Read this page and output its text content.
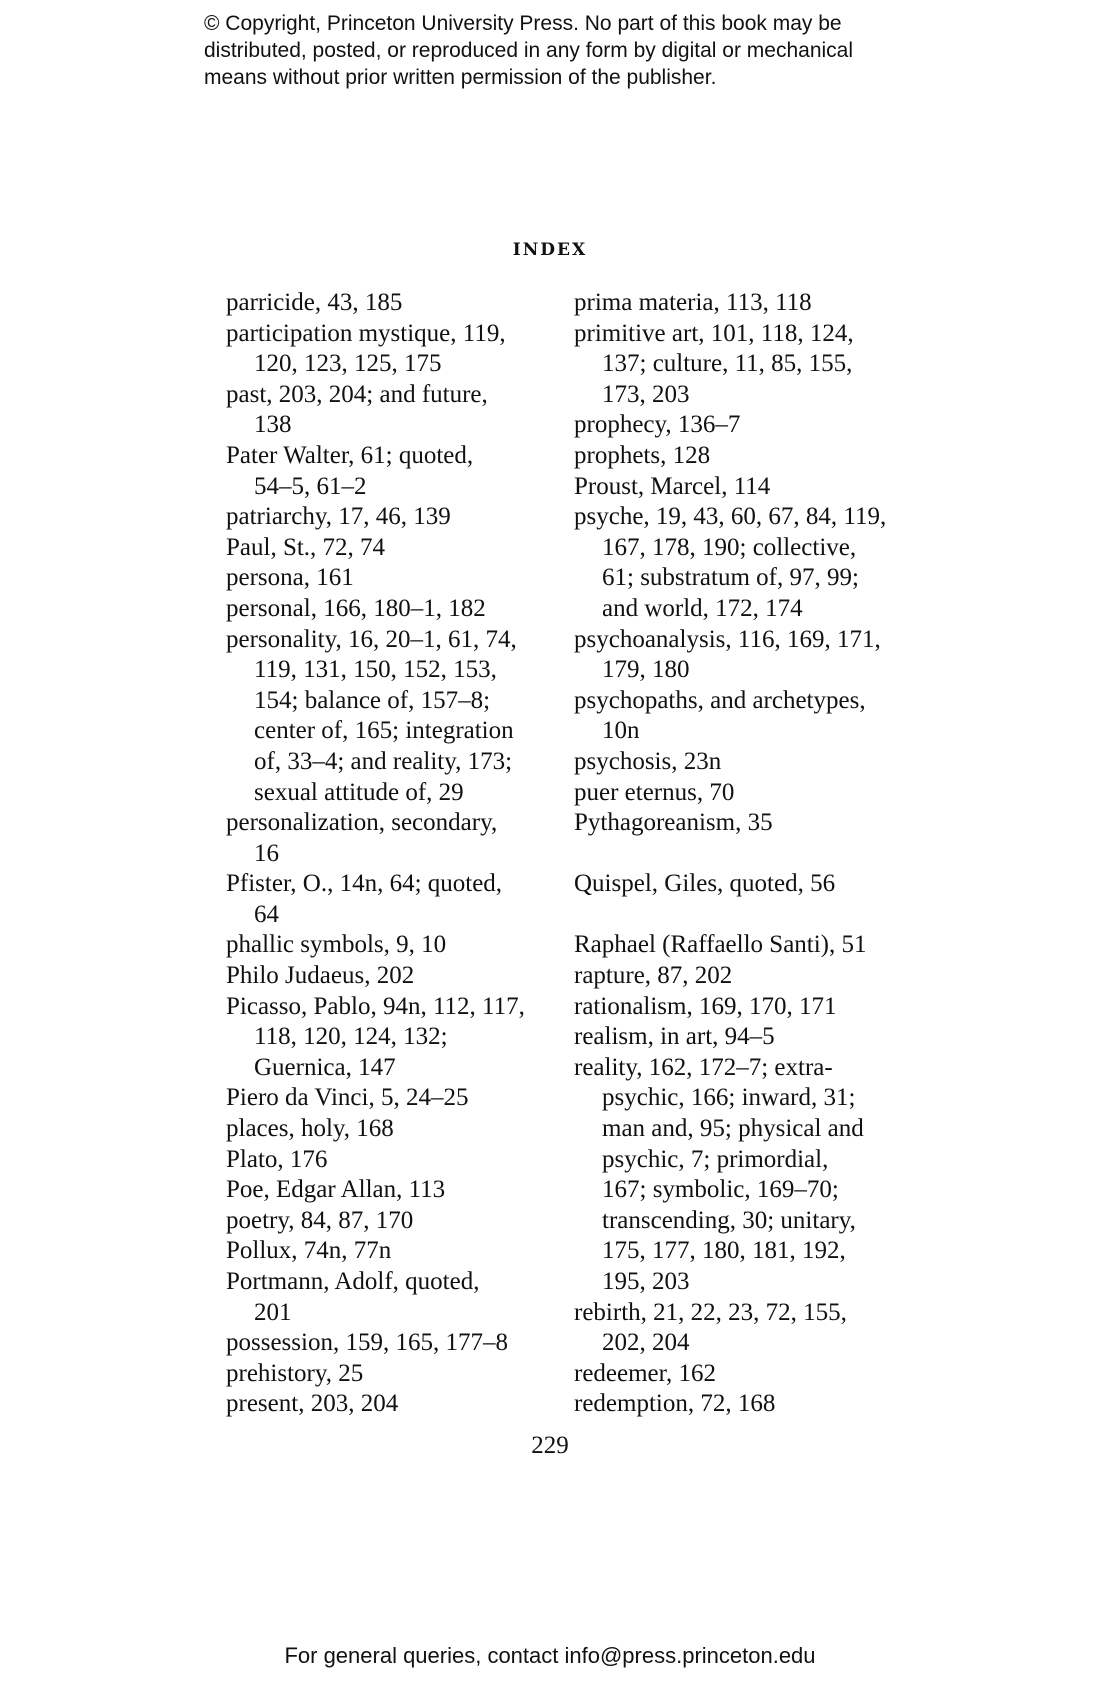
© Copyright, Princeton University Press. No part of this book may be
distributed, posted, or reproduced in any form by digital or mechanical
means without prior written permission of the publisher.
INDEX
parricide, 43, 185
participation mystique, 119,
120, 123, 125, 175
past, 203, 204; and future,
138
Pater Walter, 61; quoted,
54–5, 61–2
patriarchy, 17, 46, 139
Paul, St., 72, 74
persona, 161
personal, 166, 180–1, 182
personality, 16, 20–1, 61, 74,
119, 131, 150, 152, 153,
154; balance of, 157–8;
center of, 165; integration
of, 33–4; and reality, 173;
sexual attitude of, 29
personalization, secondary,
16
Pfister, O., 14n, 64; quoted,
64
phallic symbols, 9, 10
Philo Judaeus, 202
Picasso, Pablo, 94n, 112, 117,
118, 120, 124, 132;
Guernica, 147
Piero da Vinci, 5, 24–25
places, holy, 168
Plato, 176
Poe, Edgar Allan, 113
poetry, 84, 87, 170
Pollux, 74n, 77n
Portmann, Adolf, quoted,
201
possession, 159, 165, 177–8
prehistory, 25
present, 203, 204
prima materia, 113, 118
primitive art, 101, 118, 124,
137; culture, 11, 85, 155,
173, 203
prophecy, 136–7
prophets, 128
Proust, Marcel, 114
psyche, 19, 43, 60, 67, 84, 119,
167, 178, 190; collective,
61; substratum of, 97, 99;
and world, 172, 174
psychoanalysis, 116, 169, 171,
179, 180
psychopaths, and archetypes,
10n
psychosis, 23n
puer eternus, 70
Pythagoreanism, 35
Quispel, Giles, quoted, 56
Raphael (Raffaello Santi), 51
rapture, 87, 202
rationalism, 169, 170, 171
realism, in art, 94–5
reality, 162, 172–7; extra-
psychic, 166; inward, 31;
man and, 95; physical and
psychic, 7; primordial,
167; symbolic, 169–70;
transcending, 30; unitary,
175, 177, 180, 181, 192,
195, 203
rebirth, 21, 22, 23, 72, 155,
202, 204
redeemer, 162
redemption, 72, 168
229
For general queries, contact info@press.princeton.edu
